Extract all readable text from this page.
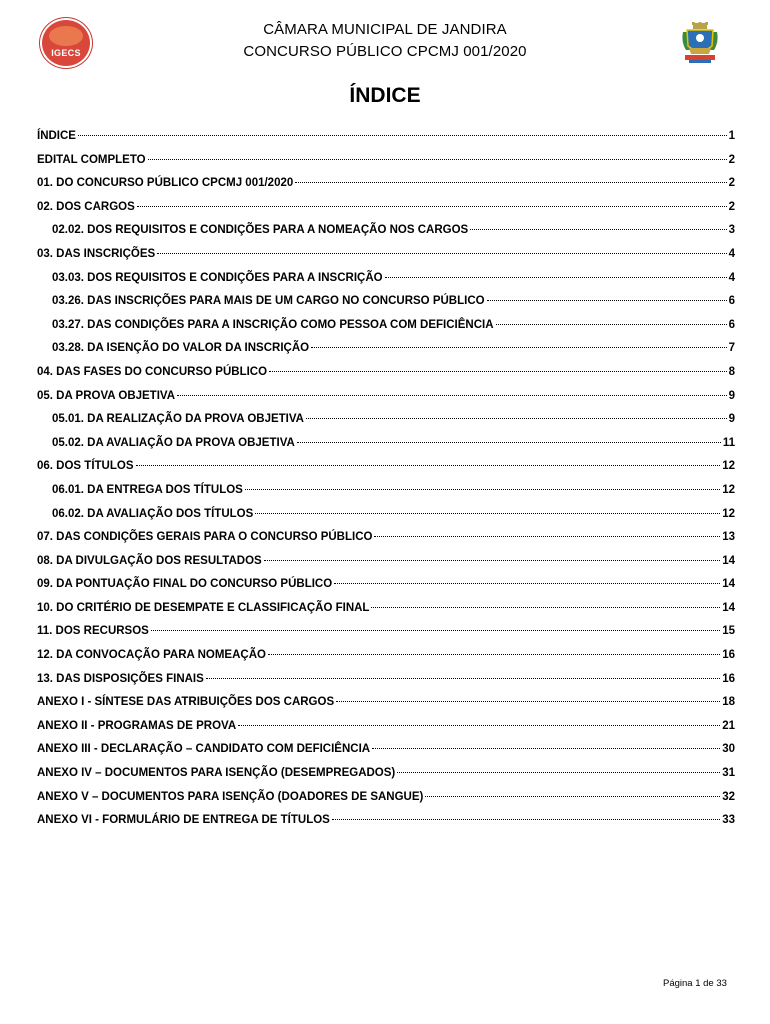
IGECS
CÂMARA MUNICIPAL DE JANDIRA
CONCURSO PÚBLICO CPCMJ 001/2020
ÍNDICE
ÍNDICE	1
EDITAL COMPLETO	2
01. DO CONCURSO PÚBLICO CPCMJ 001/2020	2
02. DOS CARGOS	2
02.02. DOS REQUISITOS E CONDIÇÕES PARA A NOMEAÇÃO NOS CARGOS	3
03. DAS INSCRIÇÕES	4
03.03. DOS REQUISITOS E CONDIÇÕES PARA A INSCRIÇÃO	4
03.26. DAS INSCRIÇÕES PARA MAIS DE UM CARGO NO CONCURSO PÚBLICO	6
03.27. DAS CONDIÇÕES PARA A INSCRIÇÃO COMO PESSOA COM DEFICIÊNCIA	6
03.28. DA ISENÇÃO DO VALOR DA INSCRIÇÃO	7
04. DAS FASES DO CONCURSO PÚBLICO	8
05. DA PROVA OBJETIVA	9
05.01. DA REALIZAÇÃO DA PROVA OBJETIVA	9
05.02. DA AVALIAÇÃO DA PROVA OBJETIVA	11
06. DOS TÍTULOS	12
06.01. DA ENTREGA DOS TÍTULOS	12
06.02. DA AVALIAÇÃO DOS TÍTULOS	12
07. DAS CONDIÇÕES GERAIS PARA O CONCURSO PÚBLICO	13
08. DA DIVULGAÇÃO DOS RESULTADOS	14
09. DA PONTUAÇÃO FINAL DO CONCURSO PÚBLICO	14
10. DO CRITÉRIO DE DESEMPATE E CLASSIFICAÇÃO FINAL	14
11. DOS RECURSOS	15
12. DA CONVOCAÇÃO PARA NOMEAÇÃO	16
13. DAS DISPOSIÇÕES FINAIS	16
ANEXO I - SÍNTESE DAS ATRIBUIÇÕES DOS CARGOS	18
ANEXO II - PROGRAMAS DE PROVA	21
ANEXO III - DECLARAÇÃO – CANDIDATO COM DEFICIÊNCIA	30
ANEXO IV – DOCUMENTOS PARA ISENÇÃO (DESEMPREGADOS)	31
ANEXO V – DOCUMENTOS PARA ISENÇÃO (DOADORES DE SANGUE)	32
ANEXO VI - FORMULÁRIO DE ENTREGA DE TÍTULOS	33
Página 1 de 33
